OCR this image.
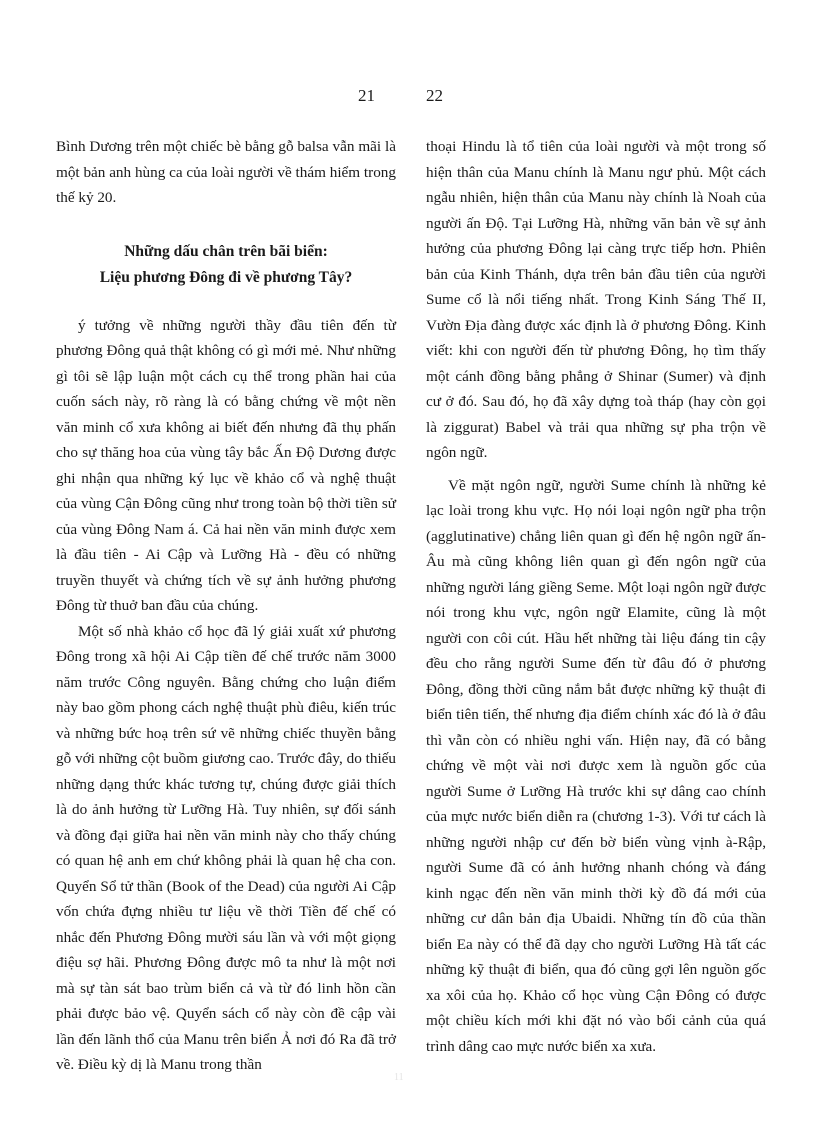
21	22

Bình Dương trên một chiếc bè bằng gỗ balsa vẫn mãi là một bản anh hùng ca của loài người về thám hiểm trong thế kỷ 20.

Những dấu chân trên bãi biển:
Liệu phương Đông đi về phương Tây?

ý tưởng về những người thầy đầu tiên đến từ phương Đông quả thật không có gì mới mẻ. Như những gì tôi sẽ lập luận một cách cụ thể trong phần hai của cuốn sách này, rõ ràng là có bằng chứng về một nền văn minh cổ xưa không ai biết đến nhưng đã thụ phấn cho sự thăng hoa của vùng tây bắc Ấn Độ Dương được ghi nhận qua những ký lục về khảo cổ và nghệ thuật của vùng Cận Đông cũng như trong toàn bộ thời tiền sử của vùng Đông Nam á. Cả hai nền văn minh được xem là đầu tiên - Ai Cập và Lưỡng Hà - đều có những truyền thuyết và chứng tích về sự ảnh hưởng phương Đông từ thuở ban đầu của chúng.

Một số nhà khảo cổ học đã lý giải xuất xứ phương Đông trong xã hội Ai Cập tiền đế chế trước năm 3000 năm trước Công nguyên. Bằng chứng cho luận điểm này bao gồm phong cách nghệ thuật phù điêu, kiến trúc và những bức hoạ trên sứ vẽ những chiếc thuyền bằng gỗ với những cột buồm giương cao. Trước đây, do thiếu những dạng thức khác tương tự, chúng được giải thích là do ảnh hưởng từ Lưỡng Hà. Tuy nhiên, sự đối sánh và đồng đại giữa hai nền văn minh này cho thấy chúng có quan hệ anh em chứ không phải là quan hệ cha con. Quyển Sổ tử thần (Book of the Dead) của người Ai Cập vốn chứa đựng nhiều tư liệu về thời Tiền đế chế có nhắc đến Phương Đông mười sáu lần và với một giọng điệu sợ hãi. Phương Đông được mô ta như là một nơi mà sự tàn sát bao trùm biển cả và từ đó linh hồn cần phải được bảo vệ. Quyển sách cổ này còn đề cập vài lần đến lãnh thổ của Manu trên biển Ả nơi đó Ra đã trở về. Điều kỳ dị là Manu trong thần

thoại Hindu là tổ tiên của loài người và một trong số hiện thân của Manu chính là Manu ngư phủ. Một cách ngẫu nhiên, hiện thân của Manu này chính là Noah của người ấn Độ. Tại Lưỡng Hà, những văn bản về sự ảnh hưởng của phương Đông lại càng trực tiếp hơn. Phiên bản của Kinh Thánh, dựa trên bản đầu tiên của người Sume cổ là nổi tiếng nhất. Trong Kinh Sáng Thế II, Vườn Địa đàng được xác định là ở phương Đông. Kinh viết: khi con người đến từ phương Đông, họ tìm thấy một cánh đồng bằng phẳng ở Shinar (Sumer) và định cư ở đó. Sau đó, họ đã xây dựng toà tháp (hay còn gọi là ziggurat) Babel và trải qua những sự pha trộn về ngôn ngữ.

Về mặt ngôn ngữ, người Sume chính là những kẻ lạc loài trong khu vực. Họ nói loại ngôn ngữ pha trộn (agglutinative) chẳng liên quan gì đến hệ ngôn ngữ ấn-Âu mà cũng không liên quan gì đến ngôn ngữ của những người láng giềng Seme. Một loại ngôn ngữ được nói trong khu vực, ngôn ngữ Elamite, cũng là một người con côi cút. Hầu hết những tài liệu đáng tin cậy đều cho rằng người Sume đến từ đâu đó ở phương Đông, đồng thời cũng nắm bắt được những kỹ thuật đi biển tiên tiến, thế nhưng địa điểm chính xác đó là ở đâu thì vẫn còn có nhiều nghi vấn. Hiện nay, đã có bằng chứng về một vài nơi được xem là nguồn gốc của người Sume ở Lưỡng Hà trước khi sự dâng cao chính của mực nước biển diễn ra (chương 1-3). Với tư cách là những người nhập cư đến bờ biển vùng vịnh à-Rập, người Sume đã có ảnh hưởng nhanh chóng và đáng kinh ngạc đến nền văn minh thời kỳ đồ đá mới của những cư dân bản địa Ubaidi. Những tín đồ của thần biển Ea này có thể đã dạy cho người Lưỡng Hà tất các những kỹ thuật đi biển, qua đó cũng gợi lên nguồn gốc xa xôi của họ. Khảo cổ học vùng Cận Đông có được một chiều kích mới khi đặt nó vào bối cảnh của quá trình dâng cao mực nước biển xa xưa.

11
